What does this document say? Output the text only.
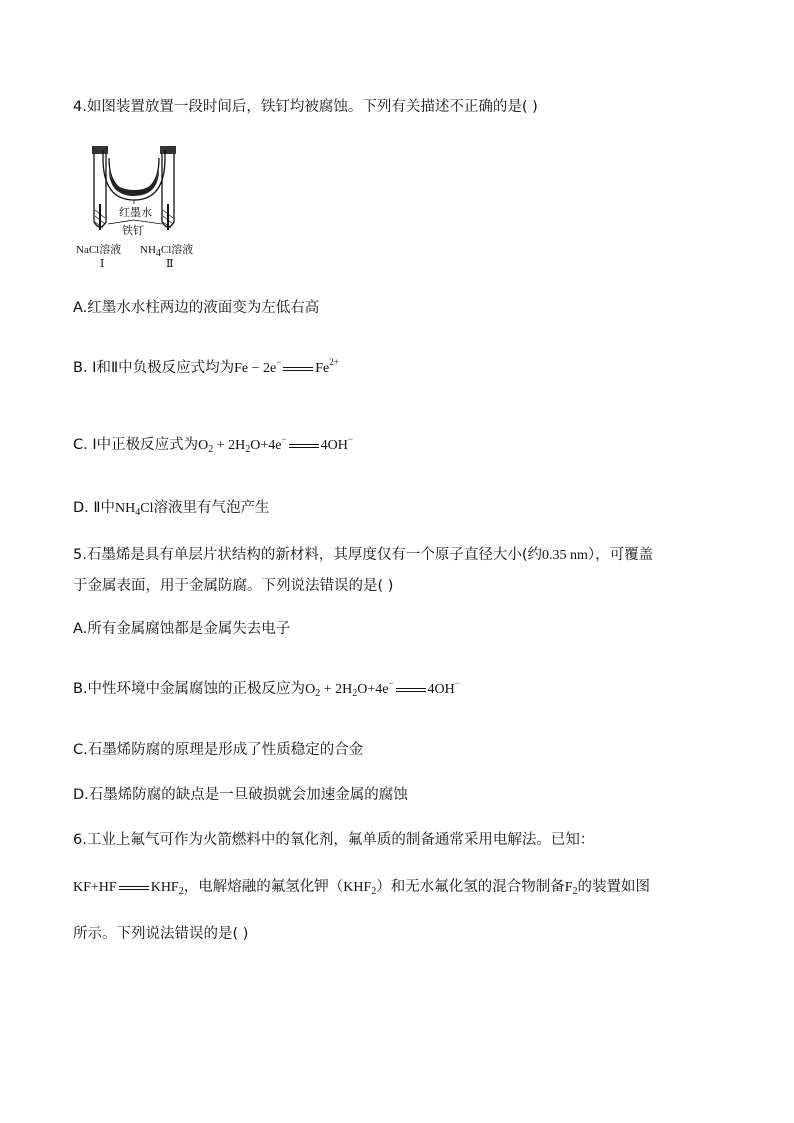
4.如图装置放置一段时间后，铁钉均被腐蚀。下列有关描述不正确的是( )
红墨水
铁钉
NaCl溶液 $NH_4Cl$溶液
Ⅰ	Ⅱ
A.红墨水水柱两边的液面变为左低右高
B. Ⅰ和Ⅱ中负极反应式均为Fe − 2e− $Fe^{2+}$
C. Ⅰ中正极反应式为$O_2 + 2H_2O+4e^-$ 4OH−
D. Ⅱ中$NH_4Cl$溶液里有气泡产生
5.石墨烯是具有单层片状结构的新材料，其厚度仅有一个原子直径大小(约0.35 nm），可覆盖
于金属表面，用于金属防腐。下列说法错误的是( )
A.所有金属腐蚀都是金属失去电子
B.中性环境中金属腐蚀的正极反应为$O_2 + 2H_2O+4e^-$ 4OH−
C.石墨烯防腐的原理是形成了性质稳定的合金
D.石墨烯防腐的缺点是一旦破损就会加速金属的腐蚀
6.工业上氟气可作为火箭燃料中的氧化剂，氟单质的制备通常采用电解法。已知：
KF+HF $KHF_2$，电解熔融的氟氢化钾$(KHF_2)$和无水氟化氢的混合物制备$F_2$的装置如图
所示。下列说法错误的是( )
